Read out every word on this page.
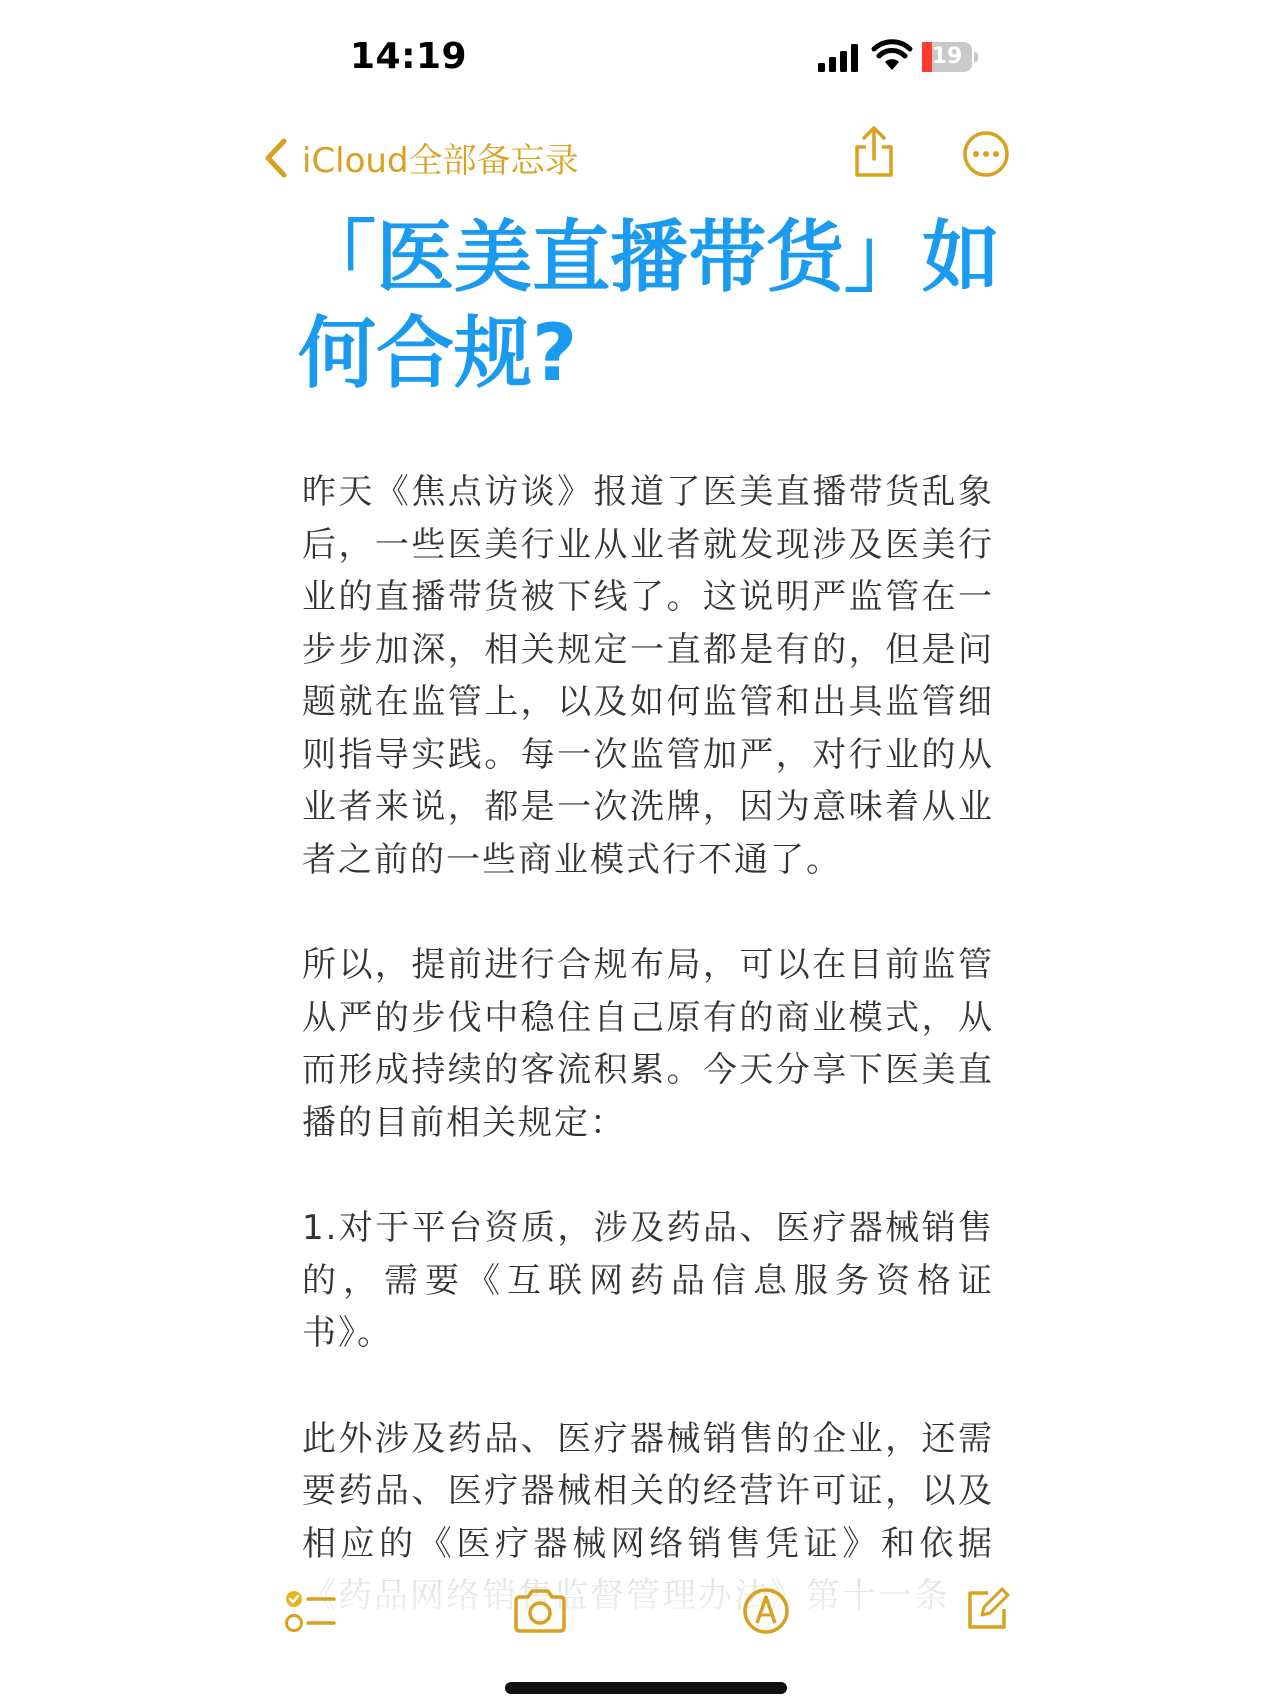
14:19	19
iCloud全部备忘录
「医美直播带货」如何合规?

昨天《焦点访谈》报道了医美直播带货乱象后，一些医美行业从业者就发现涉及医美行业的直播带货被下线了。这说明严监管在一步步加深，相关规定一直都是有的，但是问题就在监管上，以及如何监管和出具监管细则指导实践。每一次监管加严，对行业的从业者来说，都是一次洗牌，因为意味着从业者之前的一些商业模式行不通了。

所以，提前进行合规布局，可以在目前监管从严的步伐中稳住自己原有的商业模式，从而形成持续的客流积累。今天分享下医美直播的目前相关规定：

1.对于平台资质，涉及药品、医疗器械销售的，需要《互联网药品信息服务资格证书》。

此外涉及药品、医疗器械销售的企业，还需要药品、医疗器械相关的经营许可证，以及相应的《医疗器械网络销售凭证》和依据
